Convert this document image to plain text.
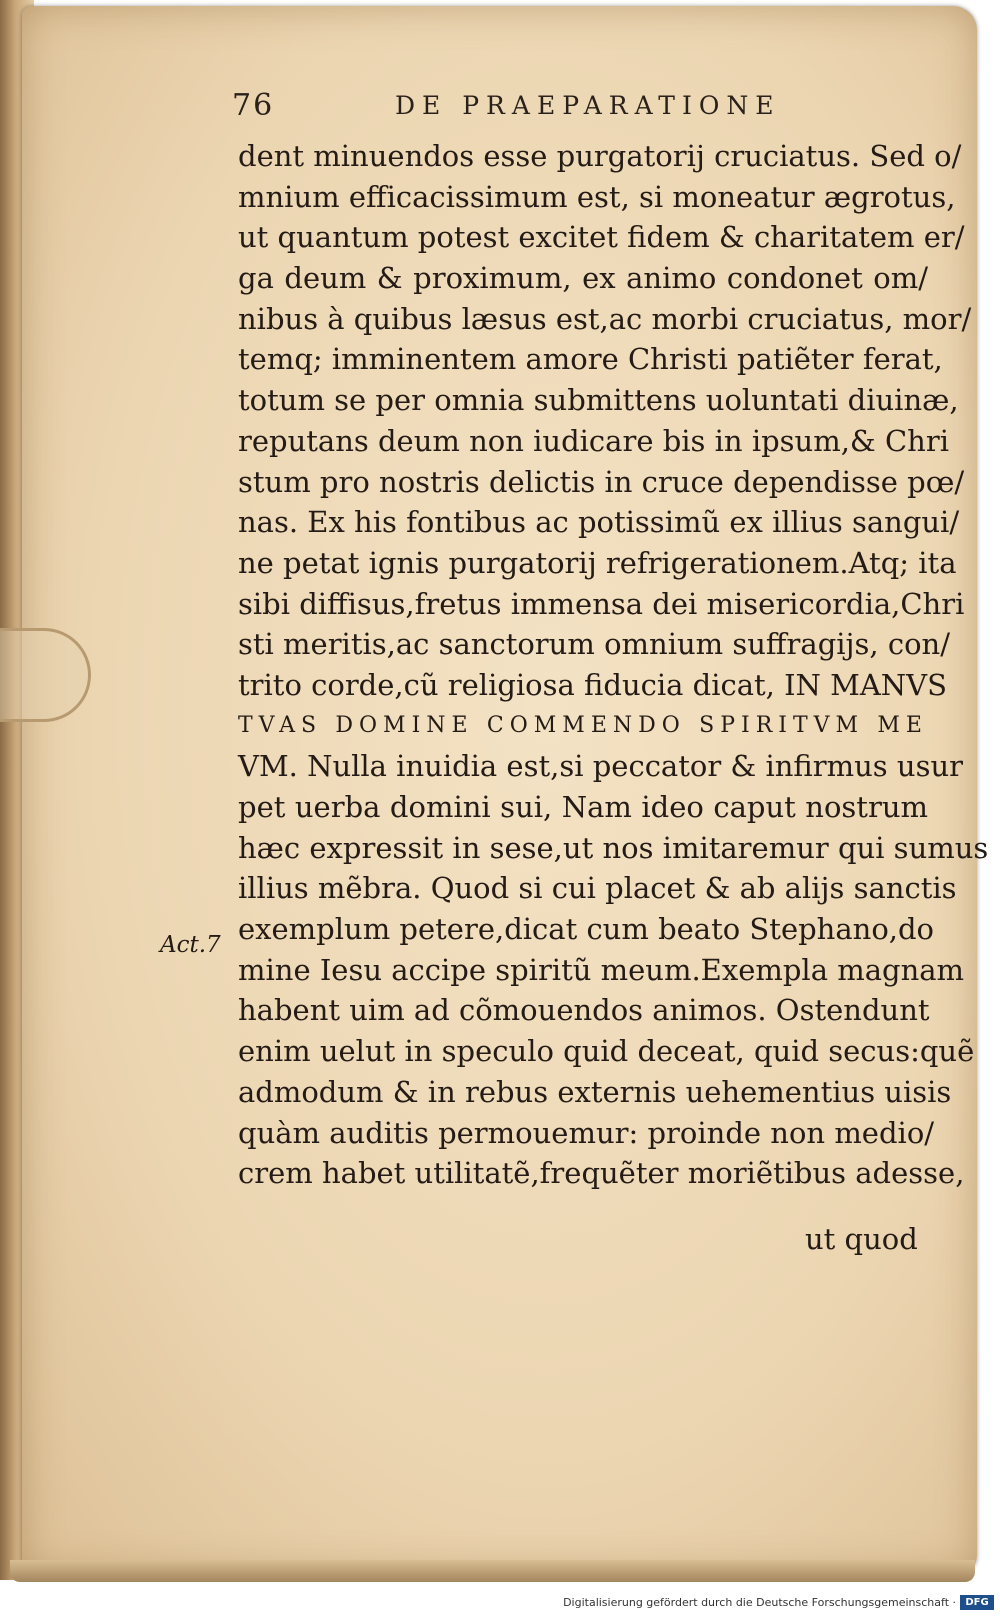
76	DE PRAEPARATIONE
Act.7
dent minuendos esse purgatorij cruciatus. Sed o/
mnium efficacissimum est, si moneatur ægrotus,
ut quantum potest excitet fidem & charitatem er/
ga deum & proximum, ex animo condonet om/
nibus à quibus læsus est,ac morbi cruciatus, mor/
temq; imminentem amore Christi patiẽter ferat,
totum se per omnia submittens uoluntati diuinæ,
reputans deum non iudicare bis in ipsum,& Chri
stum pro nostris delictis in cruce dependisse pœ/
nas. Ex his fontibus ac potissimũ ex illius sangui/
ne petat ignis purgatorij refrigerationem.Atq; ita
sibi diffisus,fretus immensa dei misericordia,Chri
sti meritis,ac sanctorum omnium suffragijs, con/
trito corde,cũ religiosa fiducia dicat, IN MANVS
TVAS DOMINE COMMENDO SPIRITVM ME
VM. Nulla inuidia est,si peccator & infirmus usur
pet uerba domini sui, Nam ideo caput nostrum
hæc expressit in sese,ut nos imitaremur qui sumus
illius mẽbra. Quod si cui placet & ab alijs sanctis
exemplum petere,dicat cum beato Stephano,do
mine Iesu accipe spiritũ meum.Exempla magnam
habent uim ad cõmouendos animos. Ostendunt
enim uelut in speculo quid deceat, quid secus:quẽ
admodum & in rebus externis uehementius uisis
quàm auditis permouemur: proinde non medio/
crem habet utilitatẽ,frequẽter moriẽtibus adesse,
ut quod
Digitalisierung gefördert durch die Deutsche Forschungsgemeinschaft · DFG
